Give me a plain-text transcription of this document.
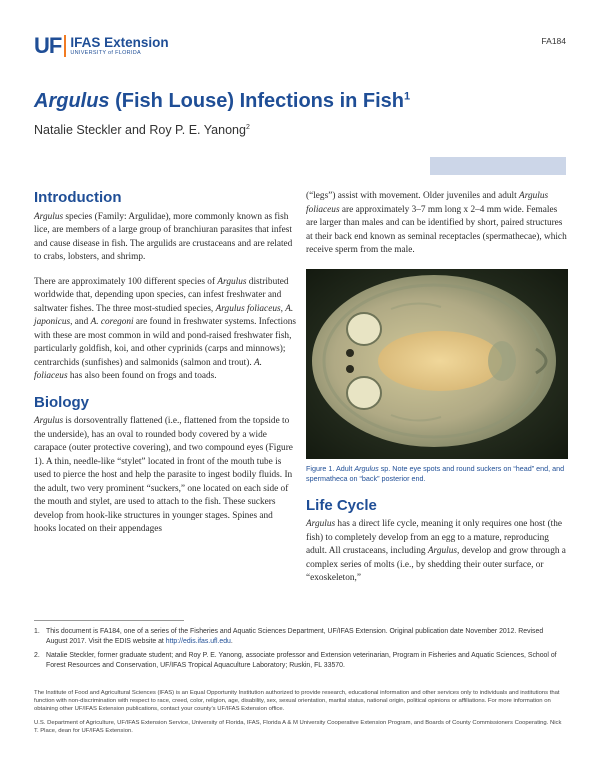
UF IFAS Extension
UNIVERSITY of FLORIDA
FA184
Argulus (Fish Louse) Infections in Fish$^1$
Natalie Steckler and Roy P. E. Yanong$^2$
Introduction

Argulus species (Family: Argulidae), more commonly known as fish lice, are members of a large group of branchiuran parasites that infest and cause disease in fish. The argulids are crustaceans and are related to crabs, lobsters, and shrimp.

There are approximately 100 different species of Argulus distributed worldwide that, depending upon species, can infest freshwater and saltwater fishes. The three most-studied species, Argulus foliaceus, A. japonicus, and A. coregoni are found in freshwater systems. Infections with these are most common in wild and pond-raised freshwater fish, particularly goldfish, koi, and other cyprinids (carps and minnows); centrarchids (sunfishes) and salmonids (salmon and trout). A. foliaceus has also been found on frogs and toads.

Biology

Argulus is dorsoventrally flattened (i.e., flattened from the topside to the underside), has an oval to rounded body covered by a wide carapace (outer protective covering), and two compound eyes (Figure 1). A thin, needle-like “stylet” located in front of the mouth tube is used to pierce the host and help the parasite to ingest bodily fluids. In the adult, two very prominent “suckers,” one located on each side of the mouth and stylet, are used to attach to the fish. These suckers develop from hook-like structures in younger stages. Spines and hooks located on their appendages

(“legs”) assist with movement. Older juveniles and adult Argulus foliaceus are approximately 3–7 mm long x 2–4 mm wide. Females are larger than males and can be identified by short, paired structures at their back end known as seminal receptacles (spermathecae), which receive sperm from the male.

Figure 1. Adult Argulus sp. Note eye spots and round suckers on “head” end, and spermatheca on “back” posterior end.

Life Cycle

Argulus has a direct life cycle, meaning it only requires one host (the fish) to completely develop from an egg to a mature, reproducing adult. All crustaceans, including Argulus, develop and grow through a complex series of molts (i.e., by shedding their outer surface, or “exoskeleton,”

1. This document is FA184, one of a series of the Fisheries and Aquatic Sciences Department, UF/IFAS Extension. Original publication date November 2012. Revised August 2017. Visit the EDIS website at http://edis.ifas.ufl.edu.
2. Natalie Steckler, former graduate student; and Roy P. E. Yanong, associate professor and Extension veterinarian, Program in Fisheries and Aquatic Sciences, School of Forest Resources and Conservation, UF/IFAS Tropical Aquaculture Laboratory; Ruskin, FL 33570.

The Institute of Food and Agricultural Sciences (IFAS) is an Equal Opportunity Institution authorized to provide research, educational information and other services only to individuals and institutions that function with non-discrimination with respect to race, creed, color, religion, age, disability, sex, sexual orientation, marital status, national origin, political opinions or affiliations. For more information on obtaining other UF/IFAS Extension publications, contact your county’s UF/IFAS Extension office.

U.S. Department of Agriculture, UF/IFAS Extension Service, University of Florida, IFAS, Florida A & M University Cooperative Extension Program, and Boards of County Commissioners Cooperating. Nick T. Place, dean for UF/IFAS Extension.
